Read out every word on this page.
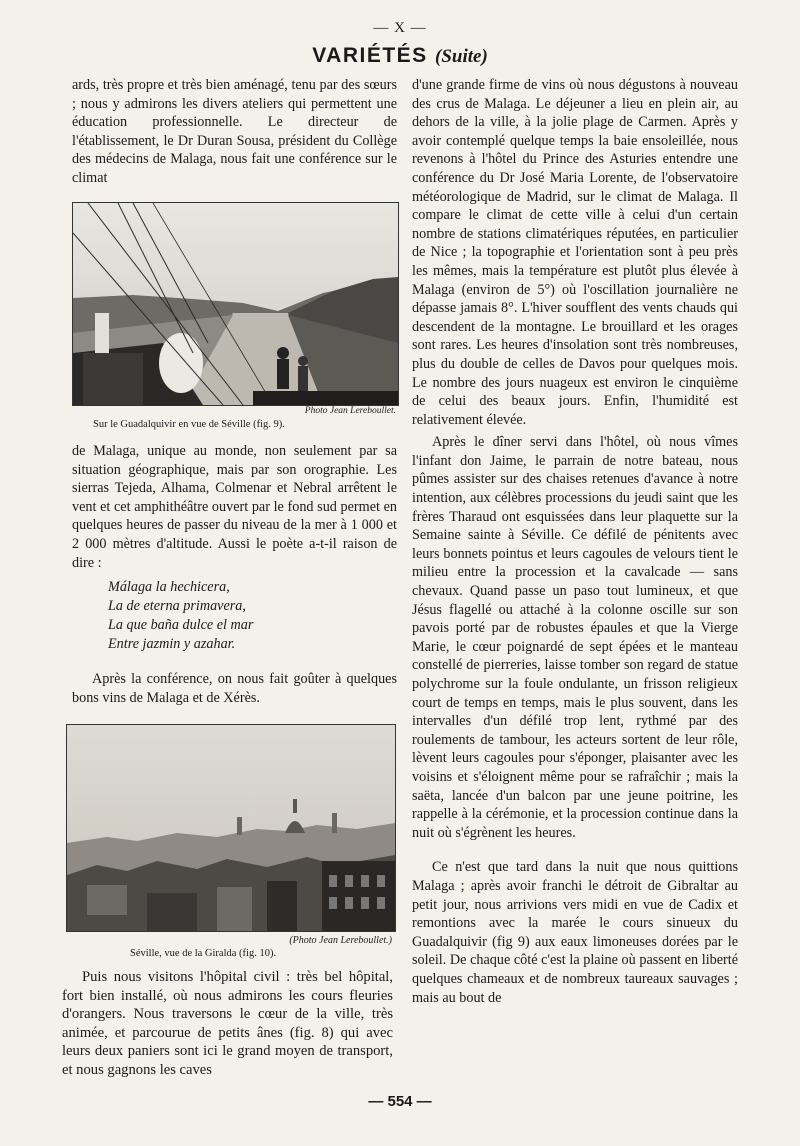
— X —
VARIÉTÉS (Suite)

ards, très propre et très bien aménagé, tenu par des sœurs ; nous y admirons les divers ateliers qui permettent une éducation professionnelle. Le directeur de l'établissement, le Dr Duran Sousa, président du Collège des médecins de Malaga, nous fait une conférence sur le climat

Photo Jean Lereboullet.
Sur le Guadalquivir en vue de Séville (fig. 9).

de Malaga, unique au monde, non seulement par sa situation géographique, mais par son orographie. Les sierras Tejeda, Alhama, Colmenar et Nebral arrêtent le vent et cet amphithéâtre ouvert par le fond sud permet en quelques heures de passer du niveau de la mer à 1 000 et 2 000 mètres d'altitude. Aussi le poète a-t-il raison de dire :

Málaga la hechicera,
La de eterna primavera,
La que baña dulce el mar
Entre jazmin y azahar.

Après la conférence, on nous fait goûter à quelques bons vins de Malaga et de Xérès.

(Photo Jean Lereboullet.)
Séville, vue de la Giralda (fig. 10).

Puis nous visitons l'hôpital civil : très bel hôpital, fort bien installé, où nous admirons les cours fleuries d'orangers. Nous traversons le cœur de la ville, très animée, et parcourue de petits ânes (fig. 8) qui avec leurs deux paniers sont ici le grand moyen de transport, et nous gagnons les caves

d'une grande firme de vins où nous dégustons à nouveau des crus de Malaga. Le déjeuner a lieu en plein air, au dehors de la ville, à la jolie plage de Carmen. Après y avoir contemplé quelque temps la baie ensoleillée, nous revenons à l'hôtel du Prince des Asturies entendre une conférence du Dr José Maria Lorente, de l'observatoire météorologique de Madrid, sur le climat de Malaga. Il compare le climat de cette ville à celui d'un certain nombre de stations climatériques réputées, en particulier de Nice ; la topographie et l'orientation sont à peu près les mêmes, mais la température est plutôt plus élevée à Malaga (environ de 5°) où l'oscillation journalière ne dépasse jamais 8°. L'hiver soufflent des vents chauds qui descendent de la montagne. Le brouillard et les orages sont rares. Les heures d'insolation sont très nombreuses, plus du double de celles de Davos pour quelques mois. Le nombre des jours nuageux est environ le cinquième de celui des beaux jours. Enfin, l'humidité est relativement élevée.

Après le dîner servi dans l'hôtel, où nous vîmes l'infant don Jaime, le parrain de notre bateau, nous pûmes assister sur des chaises retenues d'avance à notre intention, aux célèbres processions du jeudi saint que les frères Tharaud ont esquissées dans leur plaquette sur la Semaine sainte à Séville. Ce défilé de pénitents avec leurs bonnets pointus et leurs cagoules de velours tient le milieu entre la procession et la cavalcade — sans chevaux. Quand passe un paso tout lumineux, et que Jésus flagellé ou attaché à la colonne oscille sur son pavois porté par de robustes épaules et que la Vierge Marie, le cœur poignardé de sept épées et le manteau constellé de pierreries, laisse tomber son regard de statue polychrome sur la foule ondulante, un frisson religieux court de temps en temps, mais le plus souvent, dans les intervalles d'un défilé trop lent, rythmé par des roulements de tambour, les acteurs sortent de leur rôle, lèvent leurs cagoules pour s'éponger, plaisanter avec les voisins et s'éloignent même pour se rafraîchir ; mais la saëta, lancée d'un balcon par une jeune poitrine, les rappelle à la cérémonie, et la procession continue dans la nuit où s'égrènent les heures.

Ce n'est que tard dans la nuit que nous quittions Malaga ; après avoir franchi le détroit de Gibraltar au petit jour, nous arrivions vers midi en vue de Cadix et remontions avec la marée le cours sinueux du Guadalquivir (fig 9) aux eaux limoneuses dorées par le soleil. De chaque côté c'est la plaine où passent en liberté quelques chameaux et de nombreux taureaux sauvages ; mais au bout de

— 554 —
